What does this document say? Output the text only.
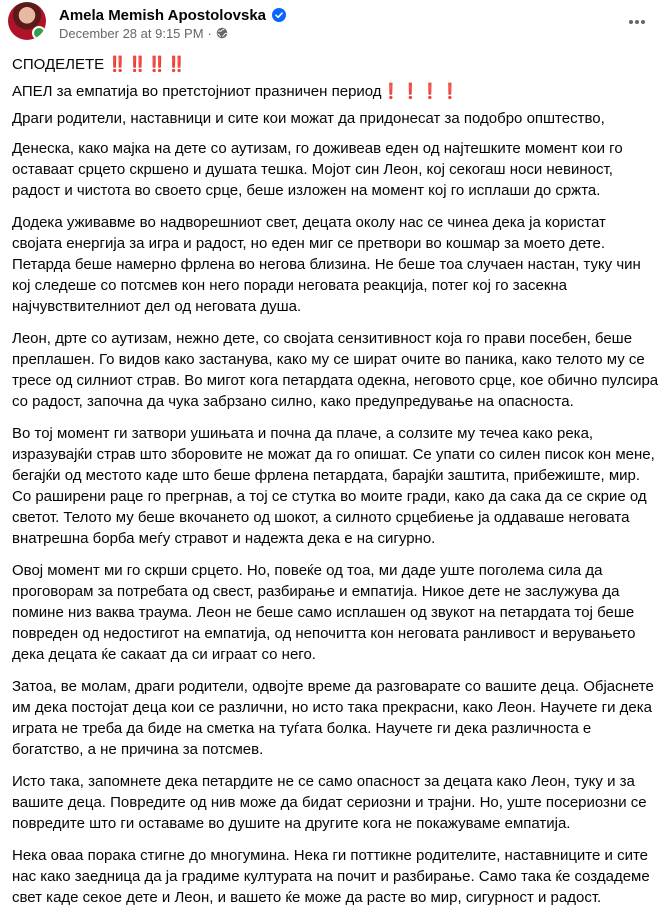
Amela Memish Apostolovska
December 28 at 9:15 PM ·

СПОДЕЛЕТЕ ‼️‼️‼️‼️

АПЕЛ за емпатија во претстојниот празничен период❗❗❗❗

Драги родители, наставници и сите кои можат да придонесат за подобро општество,

Денеска, како мајка на дете со аутизам, го доживеав еден од најтешките момент кои го оставаат срцето скршено и душата тешка. Мојот син Леон, кој секогаш носи невиност, радост и чистота во своето срце, беше изложен на момент кој го исплаши до сржта.

Додека уживавме во надворешниот свет, децата околу нас се чинеа дека ја користат својата енергија за игра и радост, но еден миг се претвори во кошмар за моето дете. Петарда беше намерно фрлена во негова близина. Не беше тоа случаен настан, туку чин кој следеше со потсмев кон него поради неговата реакција, потег кој го засекна најчувствителниот дел од неговата душа.

Леон, дрте со аутизам, нежно дете, со својата сензитивност која го прави посебен, беше преплашен. Го видов како застанува, како му се шират очите во паника, како телото му се тресе од силниот страв. Во мигот кога петардата одекна, неговото срце, кое обично пулсира со радост, започна да чука забрзано силно, како предупредување на опасноста.

Во тој момент ги затвори ушињата и почна да плаче, а солзите му течеа како река, изразувајќи страв што зборовите не можат да го опишат. Се упати со силен писок кон мене, бегајќи од местото каде што беше фрлена петардата, барајќи заштита, прибежиште, мир. Со раширени раце го прегрнав, а тој се стутка во моите гради, како да сака да се скрие од светот. Телото му беше вкочането од шокот, а силното срцебиење ја оддаваше неговата внатрешна борба меѓу стравот и надежта дека е на сигурно.

Овој момент ми го скрши срцето. Но, повеќе од тоа, ми даде уште поголема сила да проговорам за потребата од свест, разбирање и емпатија. Никое дете не заслужува да помине низ ваква траума. Леон не беше само исплашен од звукот на петардата тој беше повреден од недостигот на емпатија, од непочитта кон неговата ранливост и верувањето дека децата ќе сакаат да си играат со него.

Затоа, ве молам, драги родители, одвојте време да разговарате со вашите деца. Објаснете им дека постојат деца кои се различни, но исто така прекрасни, како Леон. Научете ги дека играта не треба да биде на сметка на туѓата болка. Научете ги дека различноста е богатство, а не причина за потсмев.

Исто така, запомнете дека петардите не се само опасност за децата како Леон, туку и за вашите деца. Повредите од нив може да бидат сериозни и трајни. Но, уште посериозни се повредите што ги оставаме во душите на другите кога не покажуваме емпатија.

Нека оваа порака стигне до многумина. Нека ги поттикне родителите, наставниците и сите нас како заедница да ја градиме културата на почит и разбирање. Само така ќе создадеме свет каде секое дете и Леон, и вашето ќе може да расте во мир, сигурност и радост.
